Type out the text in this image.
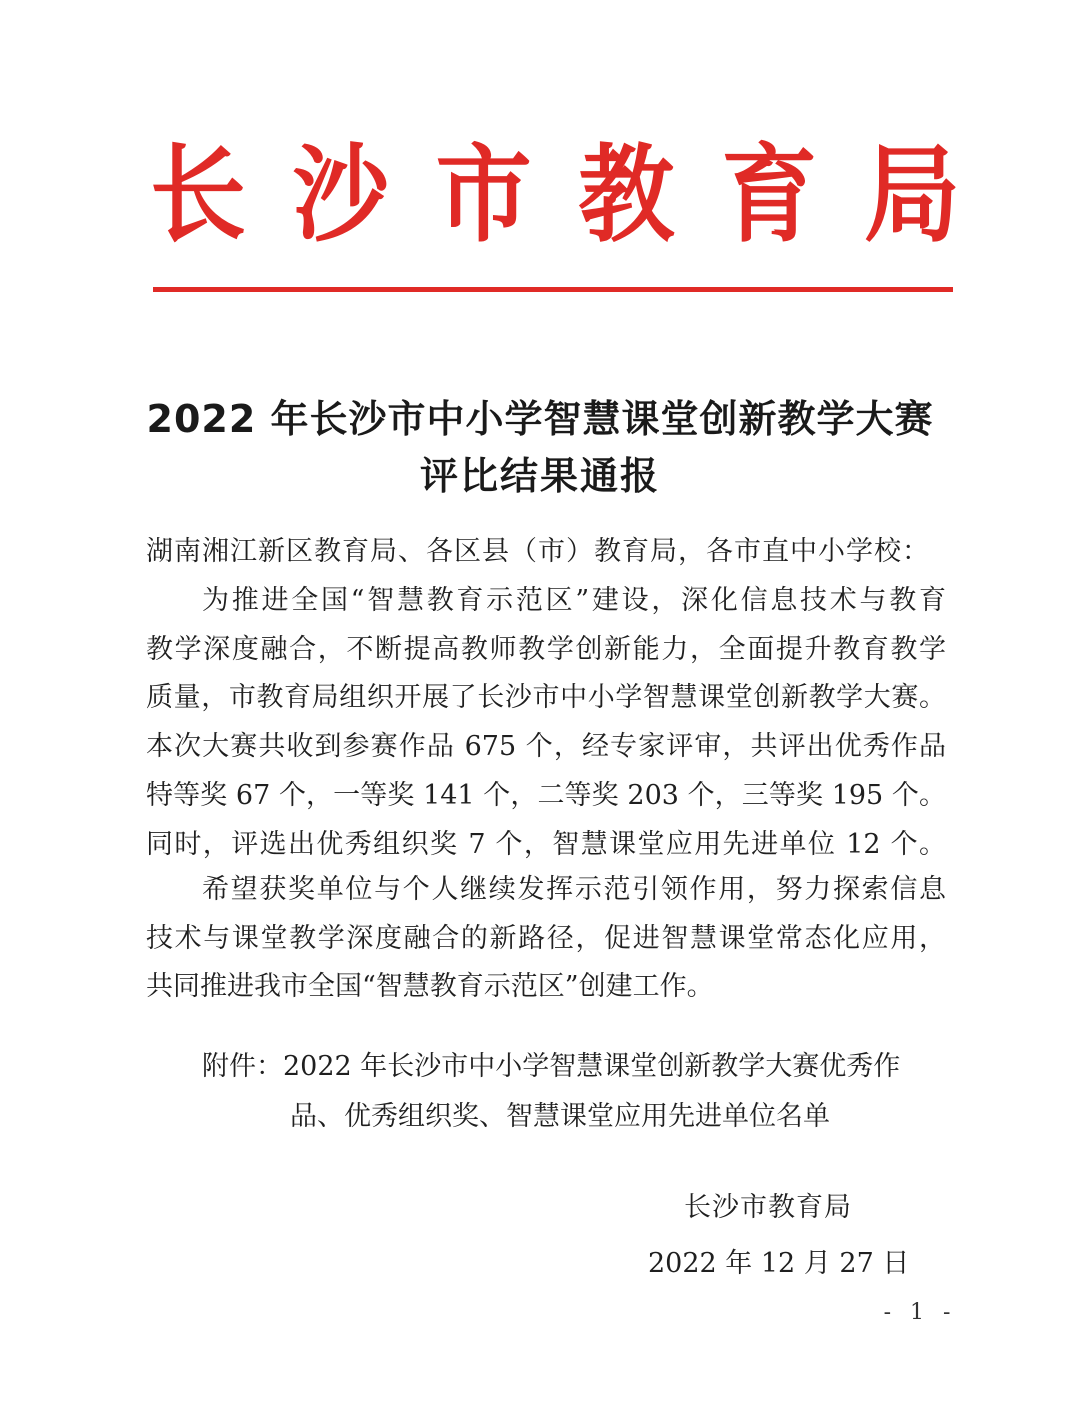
长 沙 市 教 育 局
2022 年长沙市中小学智慧课堂创新教学大赛
评比结果通报
湖南湘江新区教育局、各区县（市）教育局，各市直中小学校：
为推进全国“智慧教育示范区”建设，深化信息技术与教育
教学深度融合，不断提高教师教学创新能力，全面提升教育教学
质量，市教育局组织开展了长沙市中小学智慧课堂创新教学大赛。
本次大赛共收到参赛作品 675 个，经专家评审，共评出优秀作品
特等奖 67 个，一等奖 141 个，二等奖 203 个，三等奖 195 个。
同时，评选出优秀组织奖 7 个，智慧课堂应用先进单位 12 个。
希望获奖单位与个人继续发挥示范引领作用，努力探索信息
技术与课堂教学深度融合的新路径，促进智慧课堂常态化应用，
共同推进我市全国“智慧教育示范区”创建工作。
附件：2022 年长沙市中小学智慧课堂创新教学大赛优秀作
品、优秀组织奖、智慧课堂应用先进单位名单
长沙市教育局
2022 年 12 月 27 日
- 1 -
